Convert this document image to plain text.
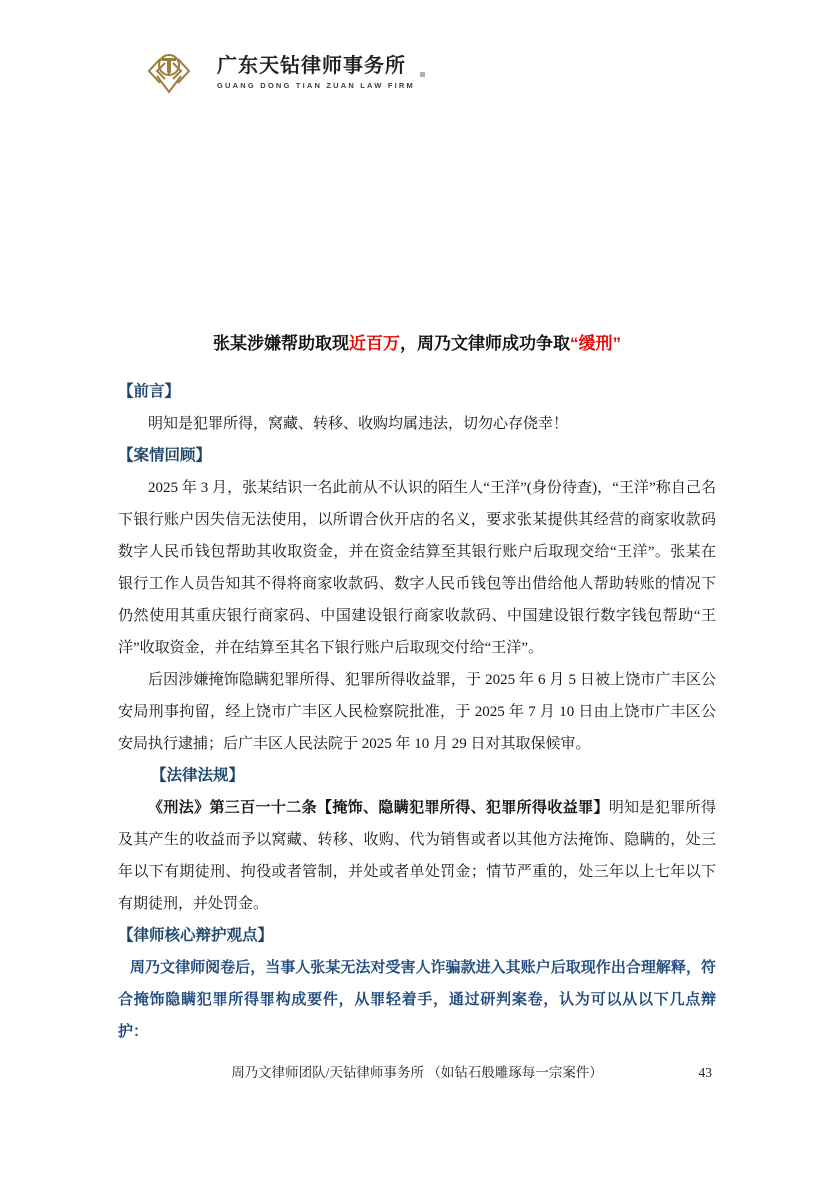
广东天钻律师事务所
GUANG DONG TIAN ZUAN LAW FIRM
张某涉嫌帮助取现近百万，周乃文律师成功争取“缓刑”
【前言】

明知是犯罪所得，窝藏、转移、收购均属违法，切勿心存侥幸！

【案情回顾】

2025 年 3 月，张某结识一名此前从不认识的陌生人“王洋”(身份待查)，“王洋”称自己名下银行账户因失信无法使用，以所谓合伙开店的名义，要求张某提供其经营的商家收款码数字人民币钱包帮助其收取资金，并在资金结算至其银行账户后取现交给“王洋”。张某在银行工作人员告知其不得将商家收款码、数字人民币钱包等出借给他人帮助转账的情况下仍然使用其重庆银行商家码、中国建设银行商家收款码、中国建设银行数字钱包帮助“王洋”收取资金，并在结算至其名下银行账户后取现交付给“王洋”。

后因涉嫌掩饰隐瞒犯罪所得、犯罪所得收益罪，于 2025 年 6 月 5 日被上饶市广丰区公安局刑事拘留，经上饶市广丰区人民检察院批准，于 2025 年 7 月 10 日由上饶市广丰区公安局执行逮捕；后广丰区人民法院于 2025 年 10 月 29 日对其取保候审。

【法律法规】

《刑法》第三百一十二条【掩饰、隐瞒犯罪所得、犯罪所得收益罪】明知是犯罪所得及其产生的收益而予以窝藏、转移、收购、代为销售或者以其他方法掩饰、隐瞒的，处三年以下有期徒刑、拘役或者管制，并处或者单处罚金；情节严重的，处三年以上七年以下有期徒刑，并处罚金。

【律师核心辩护观点】

周乃文律师阅卷后，当事人张某无法对受害人诈骗款进入其账户后取现作出合理解释，符合掩饰隐瞒犯罪所得罪构成要件，从罪轻着手，通过研判案卷，认为可以从以下几点辩护：

周乃文律师团队/天钻律师事务所 （如钻石般雕琢每一宗案件）	43
